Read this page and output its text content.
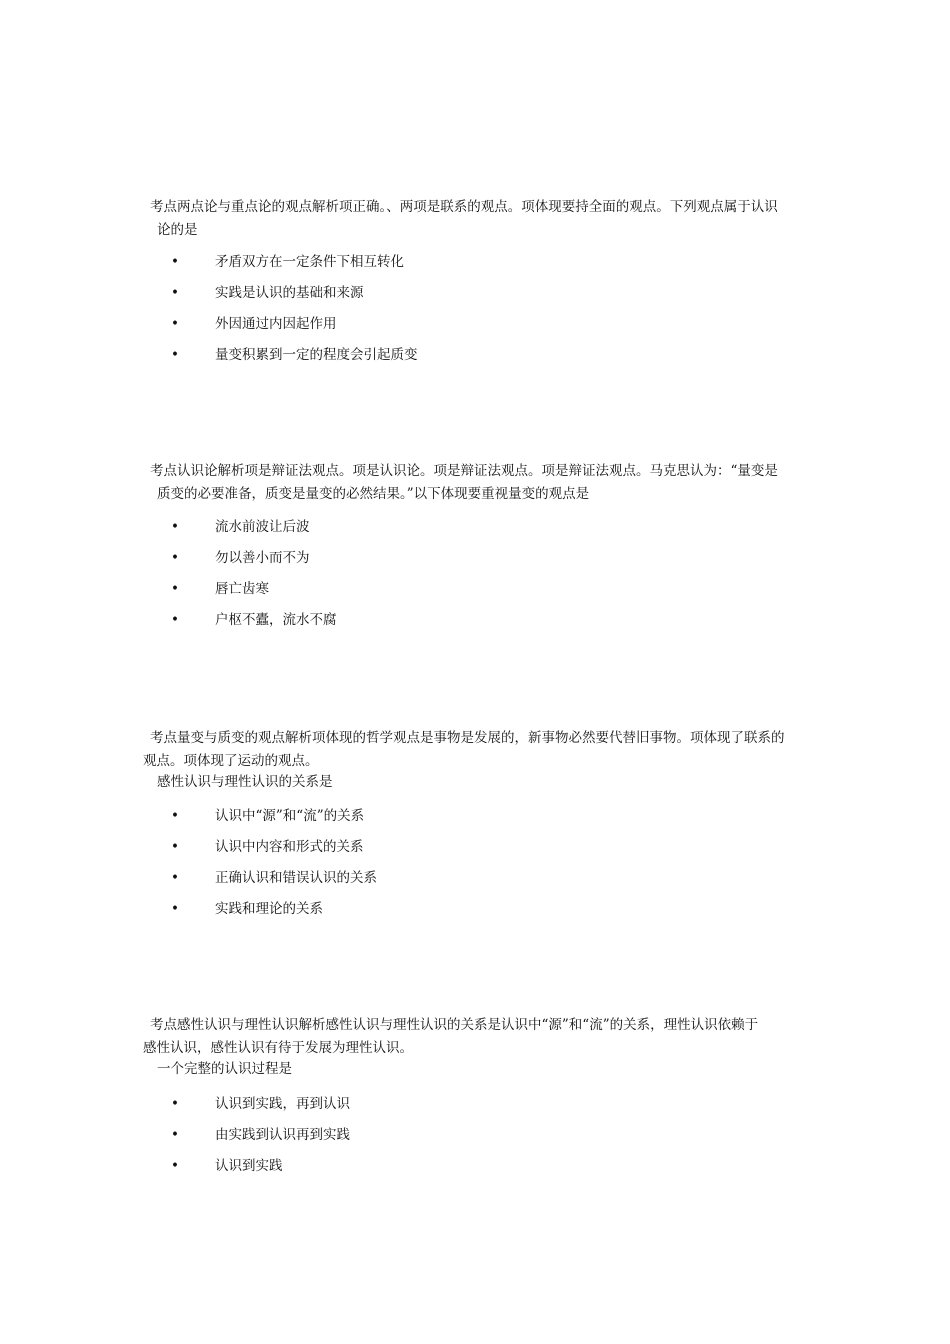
考点两点论与重点论的观点解析项正确。、两项是联系的观点。项体现要持全面的观点。下列观点属于认识
论的是
•	矛盾双方在一定条件下相互转化
•	实践是认识的基础和来源
•	外因通过内因起作用
•	量变积累到一定的程度会引起质变
考点认识论解析项是辩证法观点。项是认识论。项是辩证法观点。项是辩证法观点。马克思认为：“量变是
质变的必要准备，质变是量变的必然结果。”以下体现要重视量变的观点是
•	流水前波让后波
•	勿以善小而不为
•	唇亡齿寒
•	户枢不蠹，流水不腐
考点量变与质变的观点解析项体现的哲学观点是事物是发展的，新事物必然要代替旧事物。项体现了联系的
观点。项体现了运动的观点。
感性认识与理性认识的关系是
•	认识中“源”和“流”的关系
•	认识中内容和形式的关系
•	正确认识和错误认识的关系
•	实践和理论的关系
考点感性认识与理性认识解析感性认识与理性认识的关系是认识中“源”和“流”的关系，理性认识依赖于
感性认识，感性认识有待于发展为理性认识。
一个完整的认识过程是
•	认识到实践，再到认识
•	由实践到认识再到实践
•	认识到实践
